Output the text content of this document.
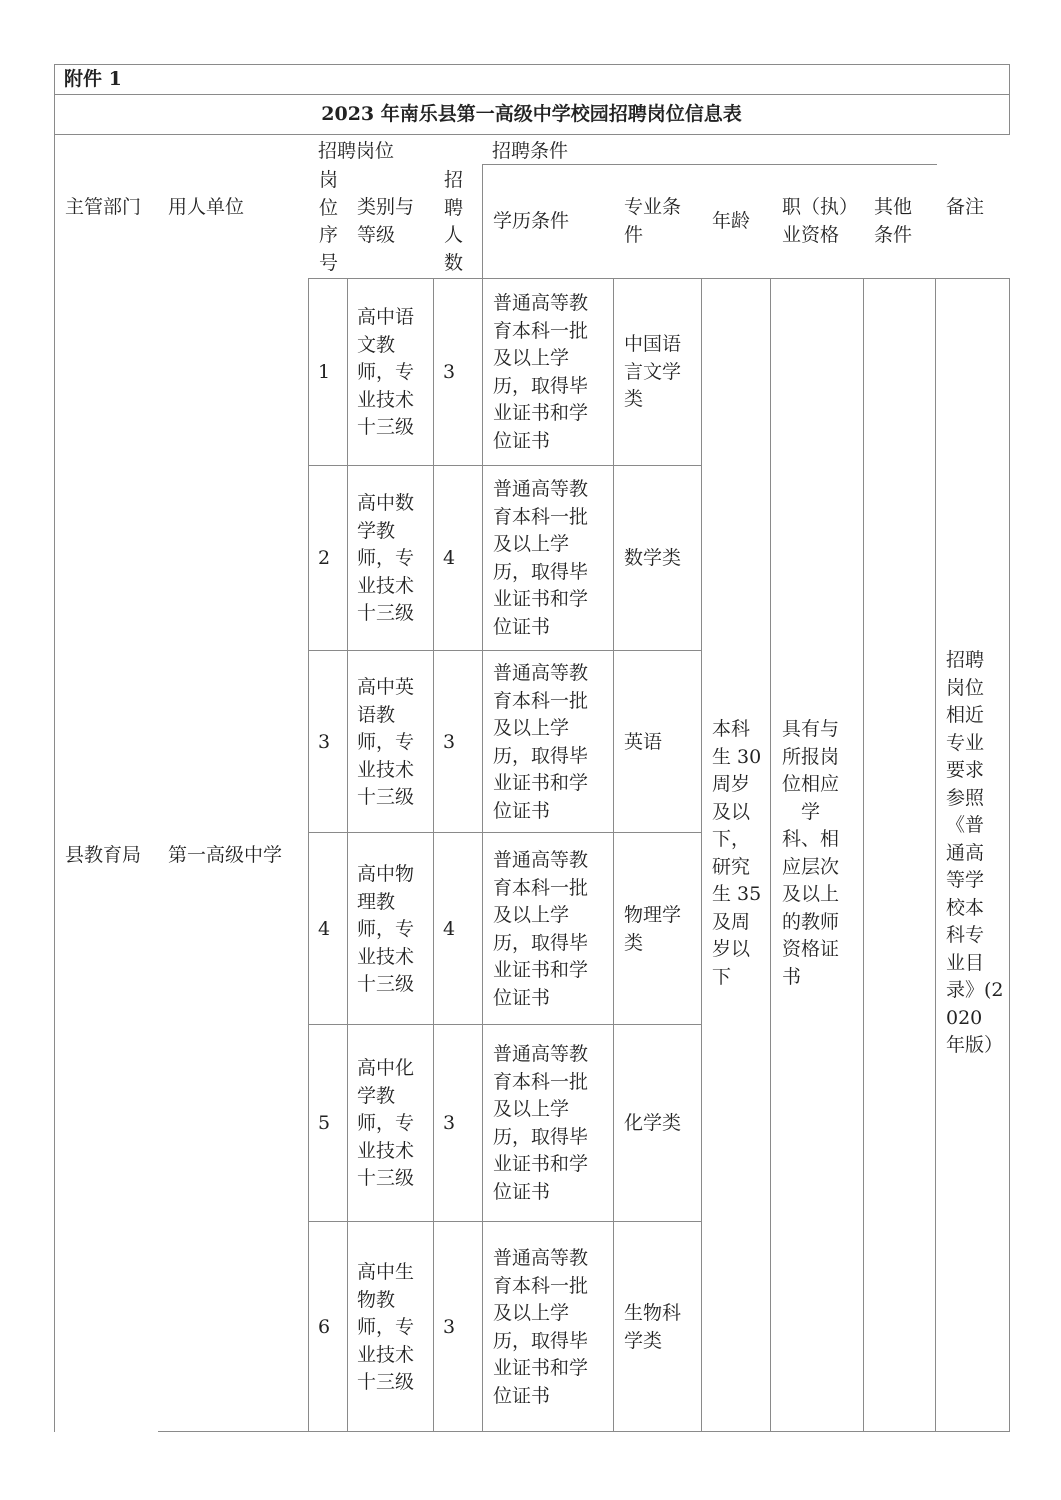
附件 1
2023 年南乐县第一高级中学校园招聘岗位信息表
主管部门 用人单位
招聘岗位	招聘条件
岗
位
序
号
类别与
等级
招
聘
人
数
学历条件
专业条
件
年龄
职（执）
业资格
其他
条件
备注
县教育局 第一高级中学
本科
生 30
周岁
及以
下，
研究
生 35
及周
岁以
下
具有与
所报岗
位相应
　学
科、相
应层次
及以上
的教师
资格证
书
招聘
岗位
相近
专业
要求
参照
《普
通高
等学
校本
科专
业目
录》(2
020
年版）
1
高中语
文教
师，专
业技术
十三级
3
普通高等教
育本科一批
及以上学
历，取得毕
业证书和学
位证书
中国语
言文学
类
2
高中数
学教
师，专
业技术
十三级
4
普通高等教
育本科一批
及以上学
历，取得毕
业证书和学
位证书
数学类
3
高中英
语教
师，专
业技术
十三级
3
普通高等教
育本科一批
及以上学
历，取得毕
业证书和学
位证书
英语
4
高中物
理教
师，专
业技术
十三级
4
普通高等教
育本科一批
及以上学
历，取得毕
业证书和学
位证书
物理学
类
5
高中化
学教
师，专
业技术
十三级
3
普通高等教
育本科一批
及以上学
历，取得毕
业证书和学
位证书
化学类
6
高中生
物教
师，专
业技术
十三级
3
普通高等教
育本科一批
及以上学
历，取得毕
业证书和学
位证书
生物科
学类
